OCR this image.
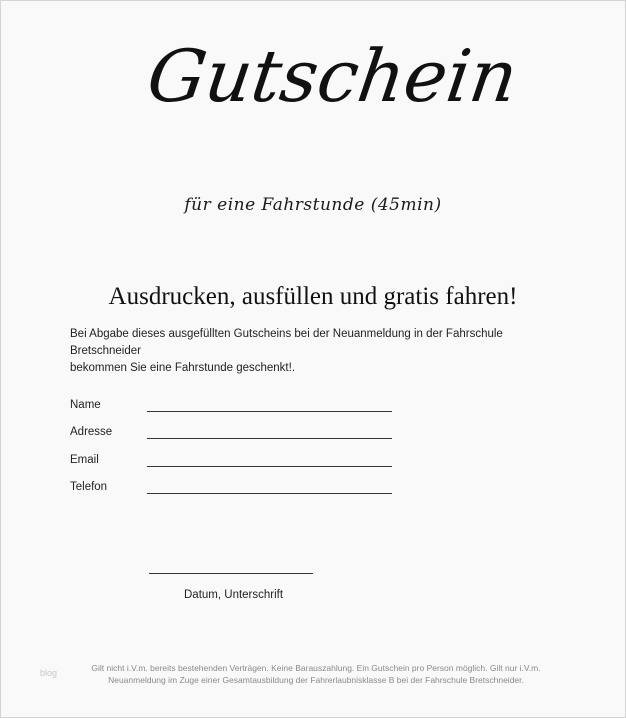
Gutschein
für eine Fahrstunde (45min)
Ausdrucken, ausfüllen und gratis fahren!
Bei Abgabe dieses ausgefüllten Gutscheins bei der Neuanmeldung in der Fahrschule Bretschneider
bekommen Sie eine Fahrstunde geschenkt!.
Name
Adresse
Email
Telefon
Datum, Unterschrift
blog	Gilt nicht i.V.m. bereits bestehenden Verträgen. Keine Barauszahlung. Ein Gutschein pro Person möglich. Gilt nur i.V.m.
Neuanmeldung im Zuge einer Gesamtausbildung der Fahrerlaubnisklasse B bei der Fahrschule Bretschneider.
